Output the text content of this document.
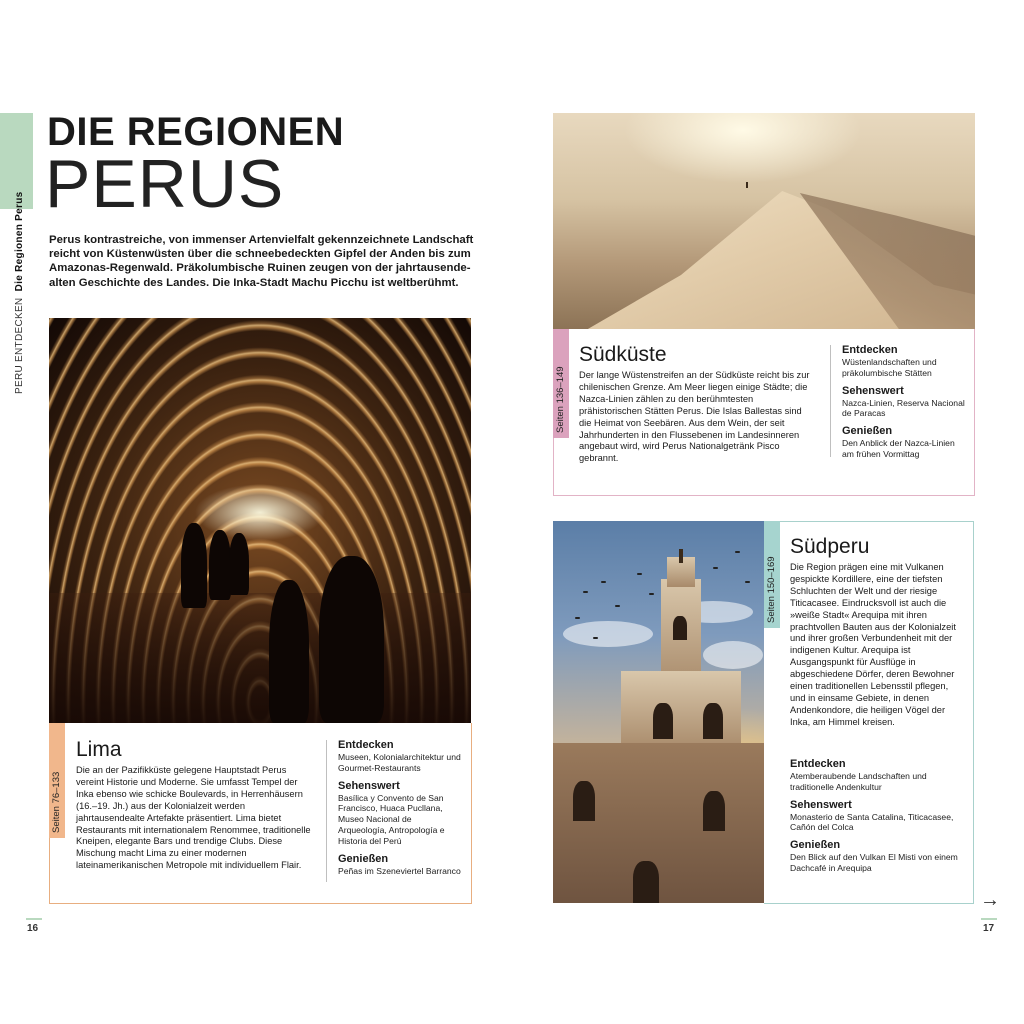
PERU ENTDECKEN  Die Regionen Perus
DIE REGIONEN
PERUS
Perus kontrastreiche, von immenser Artenvielfalt gekennzeichnete Landschaft reicht von Küstenwüsten über die schneebedeckten Gipfel der Anden bis zum Amazonas-Regenwald. Präkolumbische Ruinen zeugen von der jahrtausende-alten Geschichte des Landes. Die Inka-Stadt Machu Picchu ist weltberühmt.
Seiten 76–133
Lima
Die an der Pazifikküste gelegene Hauptstadt Perus vereint Historie und Moderne. Sie umfasst Tempel der Inka ebenso wie schicke Boulevards, in Herrenhäusern (16.–19. Jh.) aus der Kolonialzeit werden jahrtausendealte Artefakte präsentiert. Lima bietet Restaurants mit internationalem Renommee, traditionelle Kneipen, elegante Bars und trendige Clubs. Diese Mischung macht Lima zu einer modernen lateinamerikanischen Metropole mit individuellem Flair.
Entdecken

Museen, Kolonialarchitektur und Gourmet-Restaurants

Sehenswert

Basílica y Convento de San Francisco, Huaca Pucllana, Museo Nacional de Arqueología, Antropología e Historia del Perú

Genießen

Peñas im Szeneviertel Barranco

16
Seiten 136–149
Südküste
Der lange Wüstenstreifen an der Südküste reicht bis zur chilenischen Grenze. Am Meer liegen einige Städte; die Nazca-Linien zählen zu den berühmtesten prähistorischen Stätten Perus. Die Islas Ballestas sind die Heimat von Seebären. Aus dem Wein, der seit Jahrhunderten in den Flussebenen im Landesinneren angebaut wird, wird Perus Nationalgetränk Pisco gebrannt.
Entdecken

Wüstenlandschaften und präkolumbische Stätten

Sehenswert

Nazca-Linien, Reserva Nacional de Paracas

Genießen

Den Anblick der Nazca-Linien am frühen Vormittag

Seiten 150–169
Südperu
Die Region prägen eine mit Vulkanen gespickte Kordillere, eine der tiefsten Schluchten der Welt und der riesige Titicacasee. Eindrucksvoll ist auch die »weiße Stadt« Arequipa mit ihren prachtvollen Bauten aus der Kolonialzeit und ihrer großen Verbundenheit mit der indigenen Kultur. Arequipa ist Ausgangspunkt für Ausflüge in abgeschiedene Dörfer, deren Bewohner einen traditionellen Lebensstil pflegen, und in einsame Gebiete, in denen Andenkondore, die heiligen Vögel der Inka, am Himmel kreisen.
Entdecken

Atemberaubende Landschaften und traditionelle Andenkultur

Sehenswert

Monasterio de Santa Catalina, Titicacasee, Cañón del Colca

Genießen

Den Blick auf den Vulkan El Misti von einem Dachcafé in Arequipa

→
17
